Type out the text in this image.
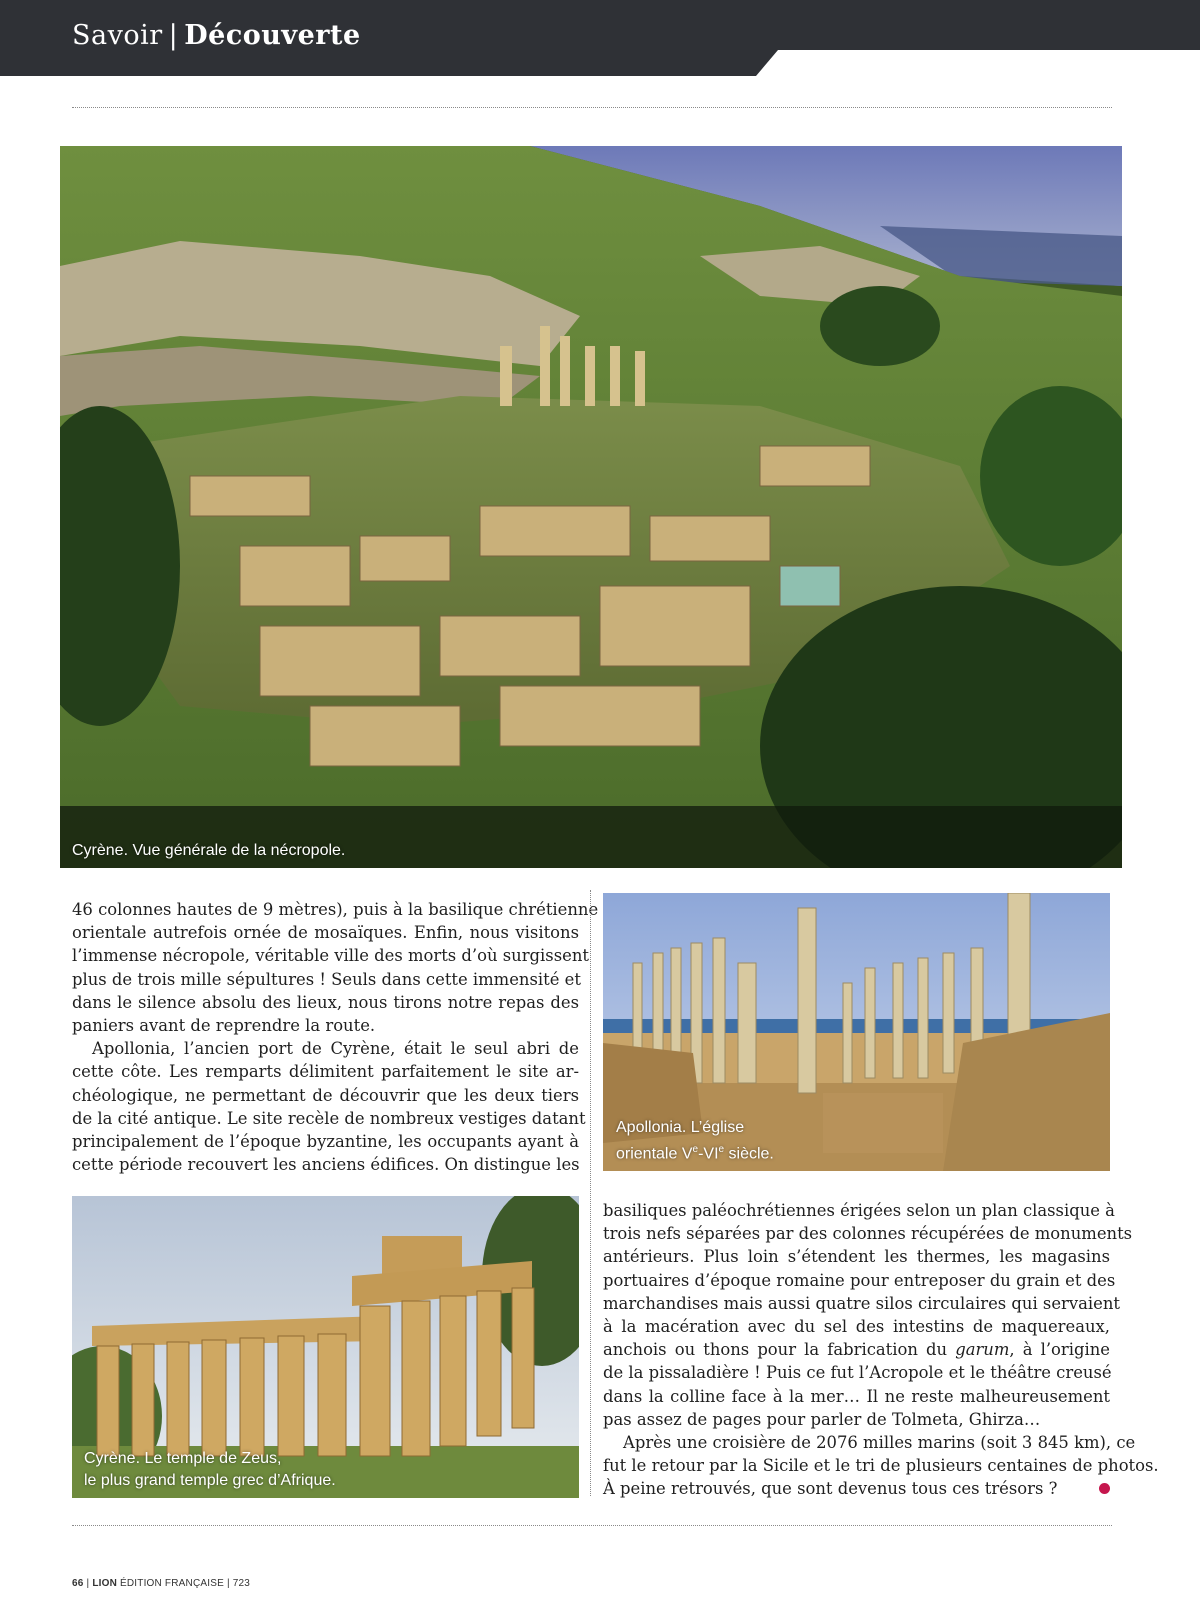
Savoir | Découverte
Cyrène. Vue générale de la nécropole.
Apollonia. L’église
orientale Ve-VIe siècle.
Cyrène. Le temple de Zeus,
le plus grand temple grec d’Afrique.
46 colonnes hautes de 9 mètres), puis à la basilique chrétienne
orientale autrefois ornée de mosaïques. Enfin, nous visitons
l’immense nécropole, véritable ville des morts d’où surgissent
plus de trois mille sépultures ! Seuls dans cette immensité et
dans le silence absolu des lieux, nous tirons notre repas des
paniers avant de reprendre la route.
Apollonia, l’ancien port de Cyrène, était le seul abri de
cette côte. Les remparts délimitent parfaitement le site ar-
chéologique, ne permettant de découvrir que les deux tiers
de la cité antique. Le site recèle de nombreux vestiges datant
principalement de l’époque byzantine, les occupants ayant à
cette période recouvert les anciens édifices. On distingue les
basiliques paléochrétiennes érigées selon un plan classique à
trois nefs séparées par des colonnes récupérées de monuments
antérieurs. Plus loin s’étendent les thermes, les magasins
portuaires d’époque romaine pour entreposer du grain et des
marchandises mais aussi quatre silos circulaires qui servaient
à la macération avec du sel des intestins de maquereaux,
anchois ou thons pour la fabrication du garum, à l’origine
de la pissaladière ! Puis ce fut l’Acropole et le théâtre creusé
dans la colline face à la mer… Il ne reste malheureusement
pas assez de pages pour parler de Tolmeta, Ghirza…
Après une croisière de 2076 milles marins (soit 3 845 km), ce
fut le retour par la Sicile et le tri de plusieurs centaines de photos.
À peine retrouvés, que sont devenus tous ces trésors ?
66 | LION ÉDITION FRANÇAISE | 723
